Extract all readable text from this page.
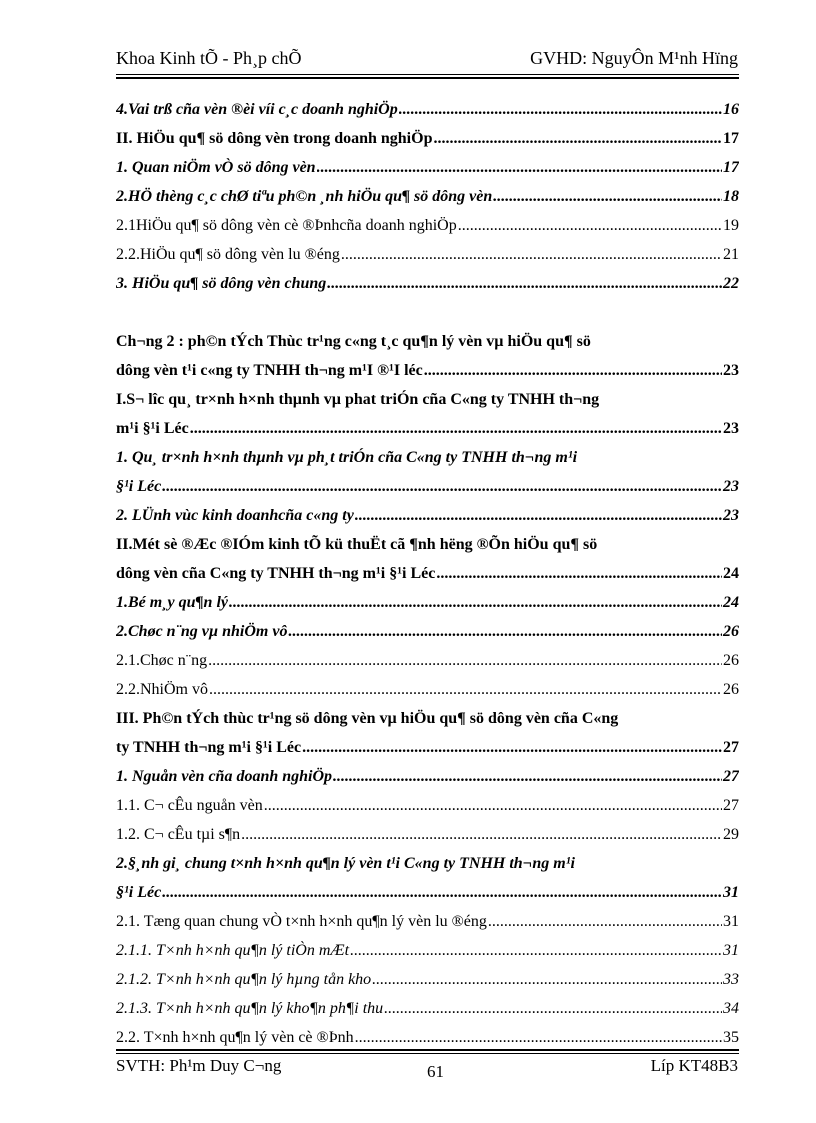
Khoa Kinh tÕ - Ph¸p chÕ	GVHD: NguyÔn M¹nh Hïng
4.Vai trß cña vèn ®èi víi c¸c doanh nghiÖp .....	16
II. HiÖu qu¶ sö dông vèn trong doanh nghiÖp .....	17
1. Quan niÖm vÒ sö dông vèn .....	17
2.HÖ thèng c¸c chØ tiªu ph©n ¸nh hiÖu qu¶ sö dông vèn .....	18
2.1HiÖu qu¶ sö dông vèn cè ®Þnhcña doanh nghiÖp .....	19
2.2.HiÖu qu¶ sö dông vèn lu ®éng .....	21
3. HiÖu qu¶ sö dông vèn chung .....	22
Ch¬ng 2 : ph©n tÝch Thùc tr¹ng c«ng t¸c qu¶n lý vèn vµ hiÖu qu¶ sö
dông vèn t¹i c«ng ty TNHH th¬ng m¹I ®¹I léc .....	23
I.S¬ lîc qu¸ tr×nh h×nh thµnh vµ phat triÓn cña C«ng ty TNHH th¬ng
m¹i §¹i Léc .....	23
1. Qu¸ tr×nh h×nh thµnh vµ ph¸t triÓn cña C«ng ty TNHH th¬ng m¹i
§¹i Léc .....	23
2. LÜnh vùc kinh doanhcña c«ng ty .....	23
II.Mét sè ®Æc ®IÓm kinh tÕ kü thuËt cã ¶nh hëng ®Õn hiÖu qu¶ sö
dông vèn cña C«ng ty TNHH th¬ng m¹i §¹i Léc .....	24
1.Bé m¸y qu¶n lý .....	24
2.Chøc n¨ng vµ nhiÖm vô .....	26
2.1.Chøc n¨ng .....	26
2.2.NhiÖm vô .....	26
III. Ph©n tÝch thùc tr¹ng sö dông vèn vµ hiÖu qu¶ sö dông vèn cña C«ng
ty TNHH th¬ng m¹i §¹i Léc .....	27
1. Nguån vèn cña doanh nghiÖp .....	27
1.1. C¬ cÊu nguån vèn .....	27
1.2. C¬ cÊu tµi s¶n .....	29
2.§¸nh gi¸ chung t×nh h×nh qu¶n lý vèn t¹i C«ng ty TNHH th¬ng m¹i
§¹i Léc .....	31
2.1. Tæng quan chung vÒ t×nh h×nh qu¶n lý vèn lu ®éng .....	31
2.1.1. T×nh h×nh qu¶n lý tiÒn mÆt .....	31
2.1.2. T×nh h×nh qu¶n lý hµng tån kho .....	33
2.1.3. T×nh h×nh qu¶n lý kho¶n ph¶i thu .....	34
2.2. T×nh h×nh qu¶n lý vèn cè ®Þnh .....	35
SVTH: Ph¹m Duy C¬ng	61	Líp KT48B3
